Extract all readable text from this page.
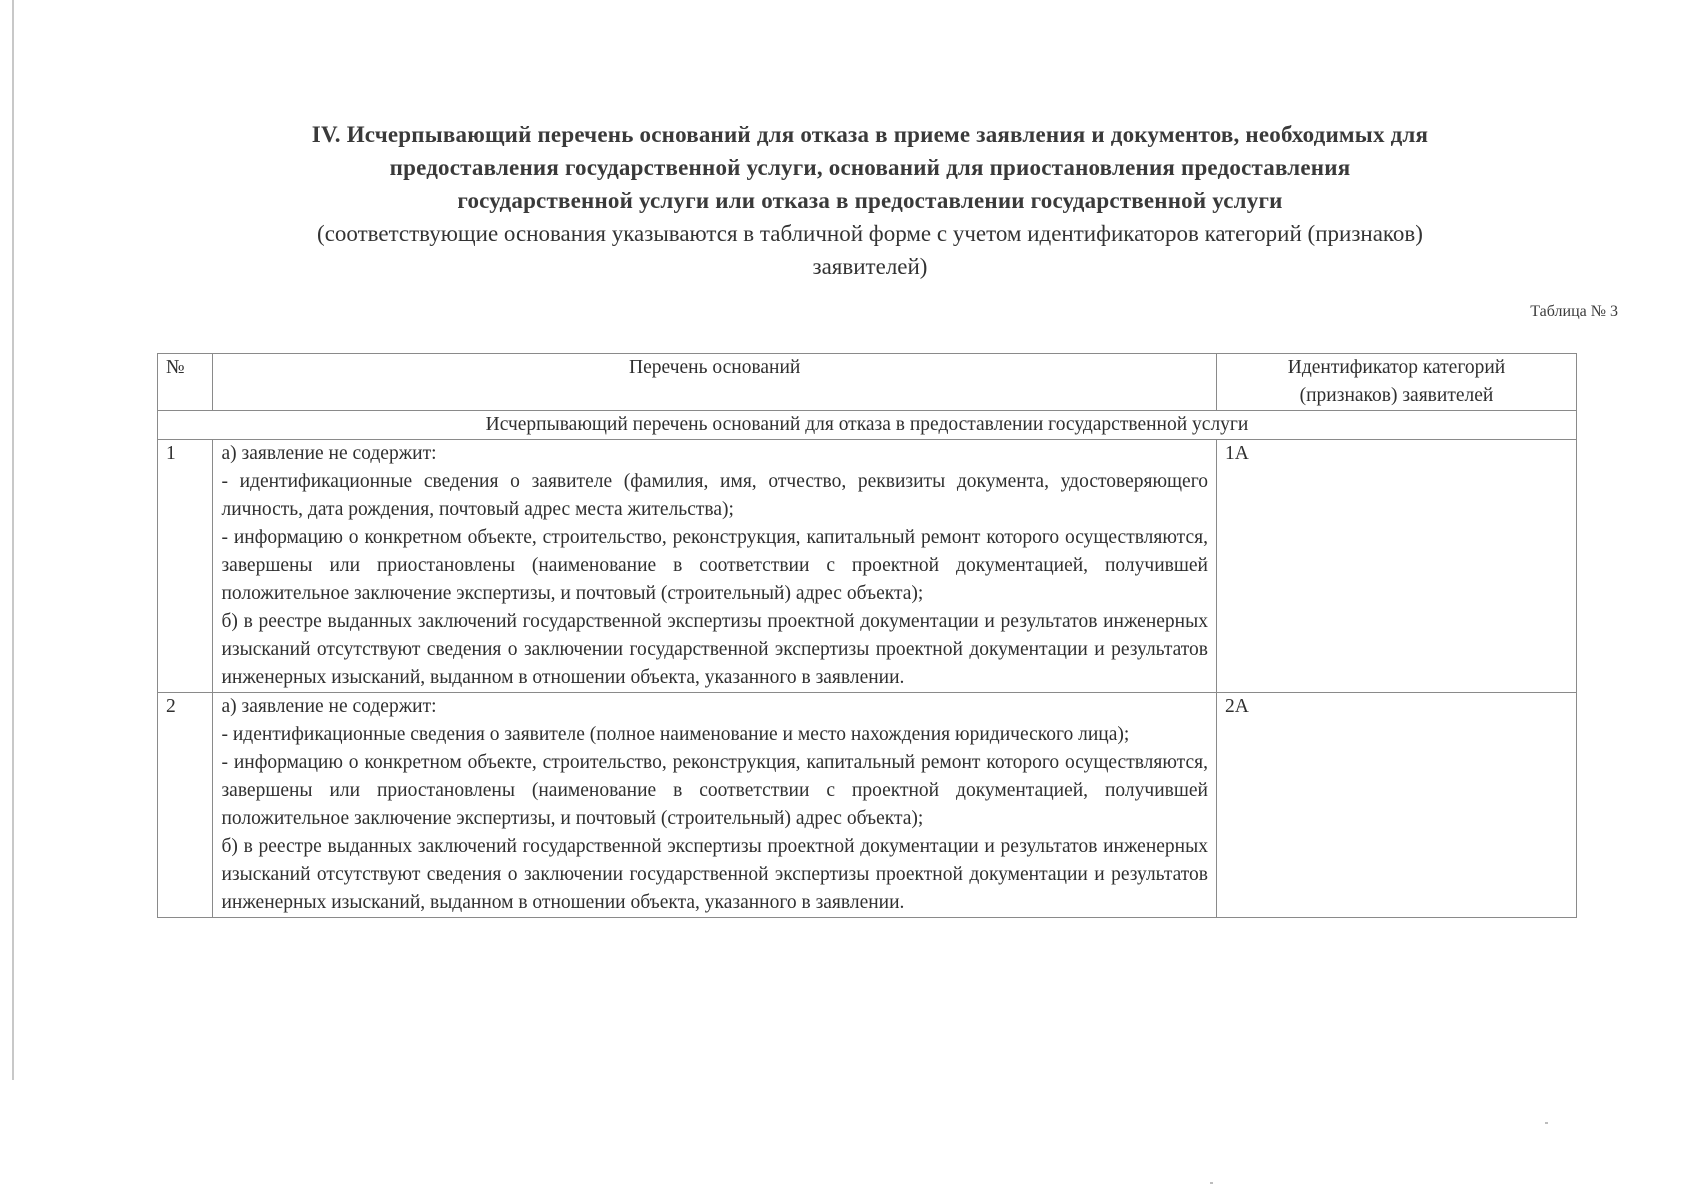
IV. Исчерпывающий перечень оснований для отказа в приеме заявления и документов, необходимых для
предоставления государственной услуги, оснований для приостановления предоставления
государственной услуги или отказа в предоставлении государственной услуги
(соответствующие основания указываются в табличной форме с учетом идентификаторов категорий (признаков)
заявителей)
Таблица № 3
№	Перечень оснований	Идентификатор категорий
(признаков) заявителей

Исчерпывающий перечень оснований для отказа в предоставлении государственной услуги		
1	а) заявление не содержит:

- идентификационные сведения о заявителе (фамилия, имя, отчество, реквизиты документа, удостоверяющего личность, дата рождения, почтовый адрес места жительства);

- информацию о конкретном объекте, строительство, реконструкция, капитальный ремонт которого осуществляются, завершены или приостановлены (наименование в соответствии с проектной документацией, получившей положительное заключение экспертизы, и почтовый (строительный) адрес объекта);

б) в реестре выданных заключений государственной экспертизы проектной документации и результатов инженерных изысканий отсутствуют сведения о заключении государственной экспертизы проектной документации и результатов инженерных изысканий, выданном в отношении объекта, указанного в заявлении.	1А
2	а) заявление не содержит:

- идентификационные сведения о заявителе (полное наименование и место нахождения юридического лица);

- информацию о конкретном объекте, строительство, реконструкция, капитальный ремонт которого осуществляются, завершены или приостановлены (наименование в соответствии с проектной документацией, получившей положительное заключение экспертизы, и почтовый (строительный) адрес объекта);

б) в реестре выданных заключений государственной экспертизы проектной документации и результатов инженерных изысканий отсутствуют сведения о заключении государственной экспертизы проектной документации и результатов инженерных изысканий, выданном в отношении объекта, указанного в заявлении.	2А
